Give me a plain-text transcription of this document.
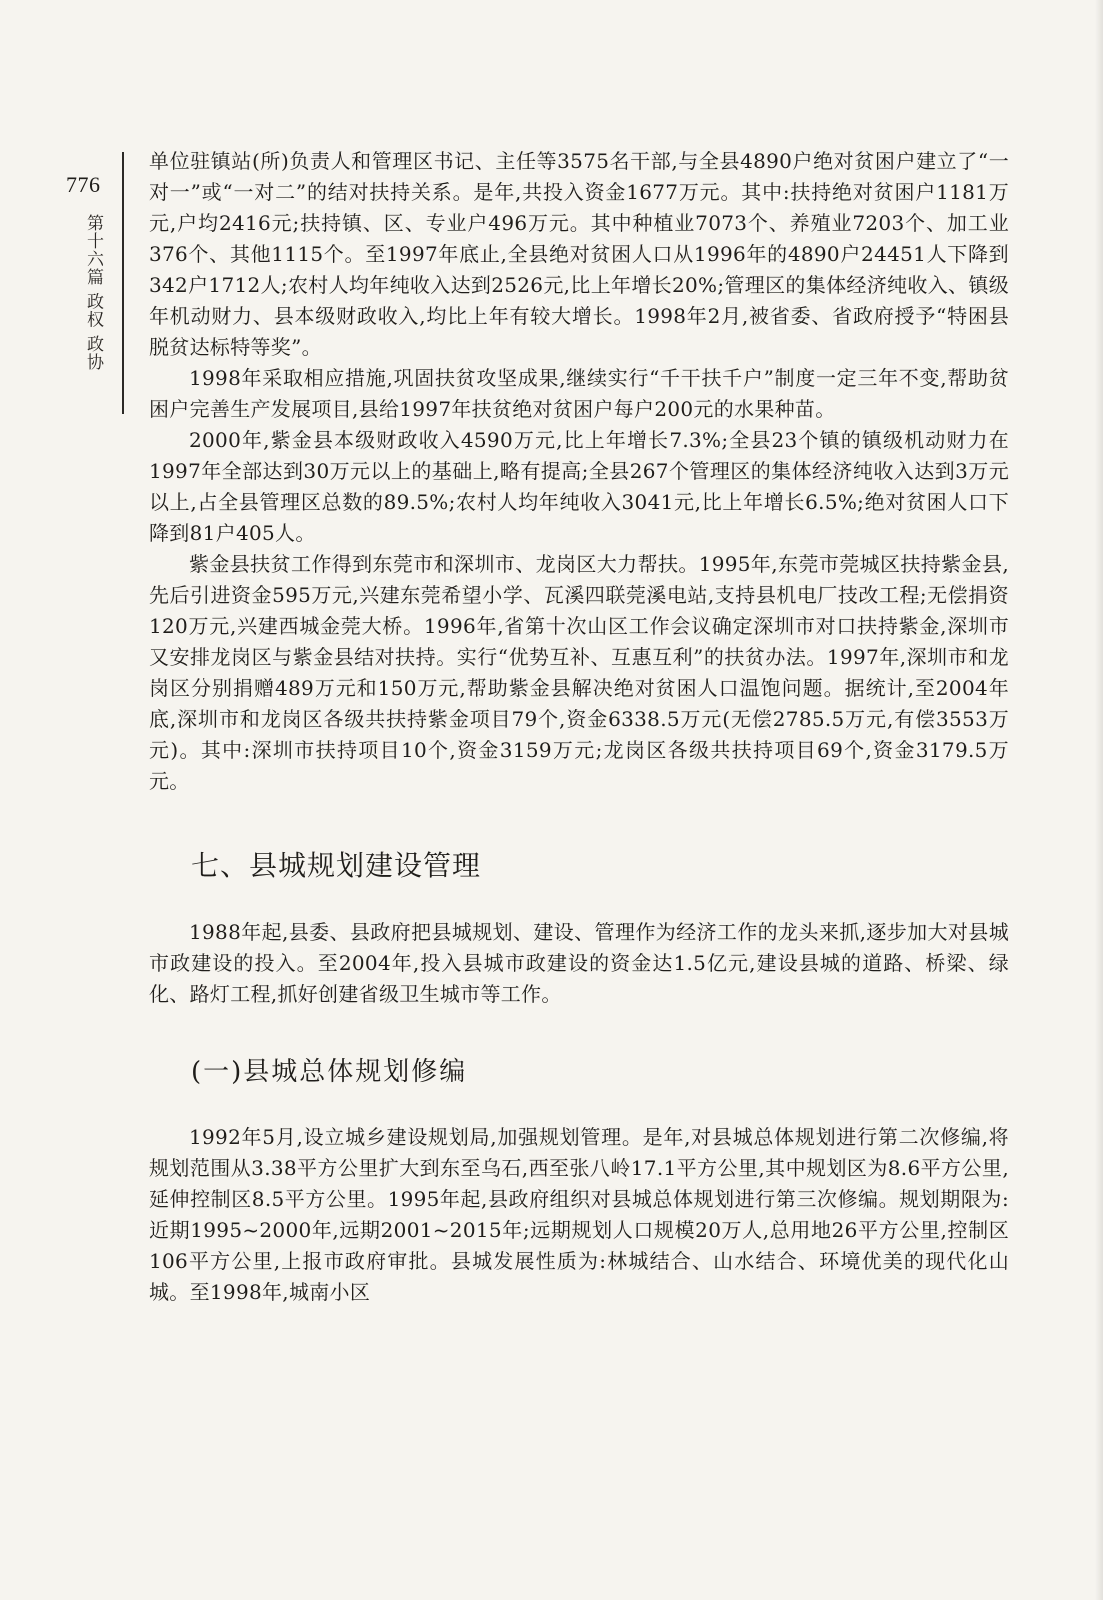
776
第十六篇 政权 政协

单位驻镇站(所)负责人和管理区书记、主任等3575名干部,与全县4890户绝对贫困户建立了“一对一”或“一对二”的结对扶持关系。是年,共投入资金1677万元。其中:扶持绝对贫困户1181万元,户均2416元;扶持镇、区、专业户496万元。其中种植业7073个、养殖业7203个、加工业376个、其他1115个。至1997年底止,全县绝对贫困人口从1996年的4890户24451人下降到342户1712人;农村人均年纯收入达到2526元,比上年增长20%;管理区的集体经济纯收入、镇级年机动财力、县本级财政收入,均比上年有较大增长。1998年2月,被省委、省政府授予“特困县脱贫达标特等奖”。

1998年采取相应措施,巩固扶贫攻坚成果,继续实行“千干扶千户”制度一定三年不变,帮助贫困户完善生产发展项目,县给1997年扶贫绝对贫困户每户200元的水果种苗。

2000年,紫金县本级财政收入4590万元,比上年增长7.3%;全县23个镇的镇级机动财力在1997年全部达到30万元以上的基础上,略有提高;全县267个管理区的集体经济纯收入达到3万元以上,占全县管理区总数的89.5%;农村人均年纯收入3041元,比上年增长6.5%;绝对贫困人口下降到81户405人。

紫金县扶贫工作得到东莞市和深圳市、龙岗区大力帮扶。1995年,东莞市莞城区扶持紫金县,先后引进资金595万元,兴建东莞希望小学、瓦溪四联莞溪电站,支持县机电厂技改工程;无偿捐资120万元,兴建西城金莞大桥。1996年,省第十次山区工作会议确定深圳市对口扶持紫金,深圳市又安排龙岗区与紫金县结对扶持。实行“优势互补、互惠互利”的扶贫办法。1997年,深圳市和龙岗区分别捐赠489万元和150万元,帮助紫金县解决绝对贫困人口温饱问题。据统计,至2004年底,深圳市和龙岗区各级共扶持紫金项目79个,资金6338.5万元(无偿2785.5万元,有偿3553万元)。其中:深圳市扶持项目10个,资金3159万元;龙岗区各级共扶持项目69个,资金3179.5万元。

七、县城规划建设管理

1988年起,县委、县政府把县城规划、建设、管理作为经济工作的龙头来抓,逐步加大对县城市政建设的投入。至2004年,投入县城市政建设的资金达1.5亿元,建设县城的道路、桥梁、绿化、路灯工程,抓好创建省级卫生城市等工作。

(一)县城总体规划修编

1992年5月,设立城乡建设规划局,加强规划管理。是年,对县城总体规划进行第二次修编,将规划范围从3.38平方公里扩大到东至乌石,西至张八岭17.1平方公里,其中规划区为8.6平方公里,延伸控制区8.5平方公里。1995年起,县政府组织对县城总体规划进行第三次修编。规划期限为:近期1995~2000年,远期2001~2015年;远期规划人口规模20万人,总用地26平方公里,控制区106平方公里,上报市政府审批。县城发展性质为:林城结合、山水结合、环境优美的现代化山城。至1998年,城南小区
